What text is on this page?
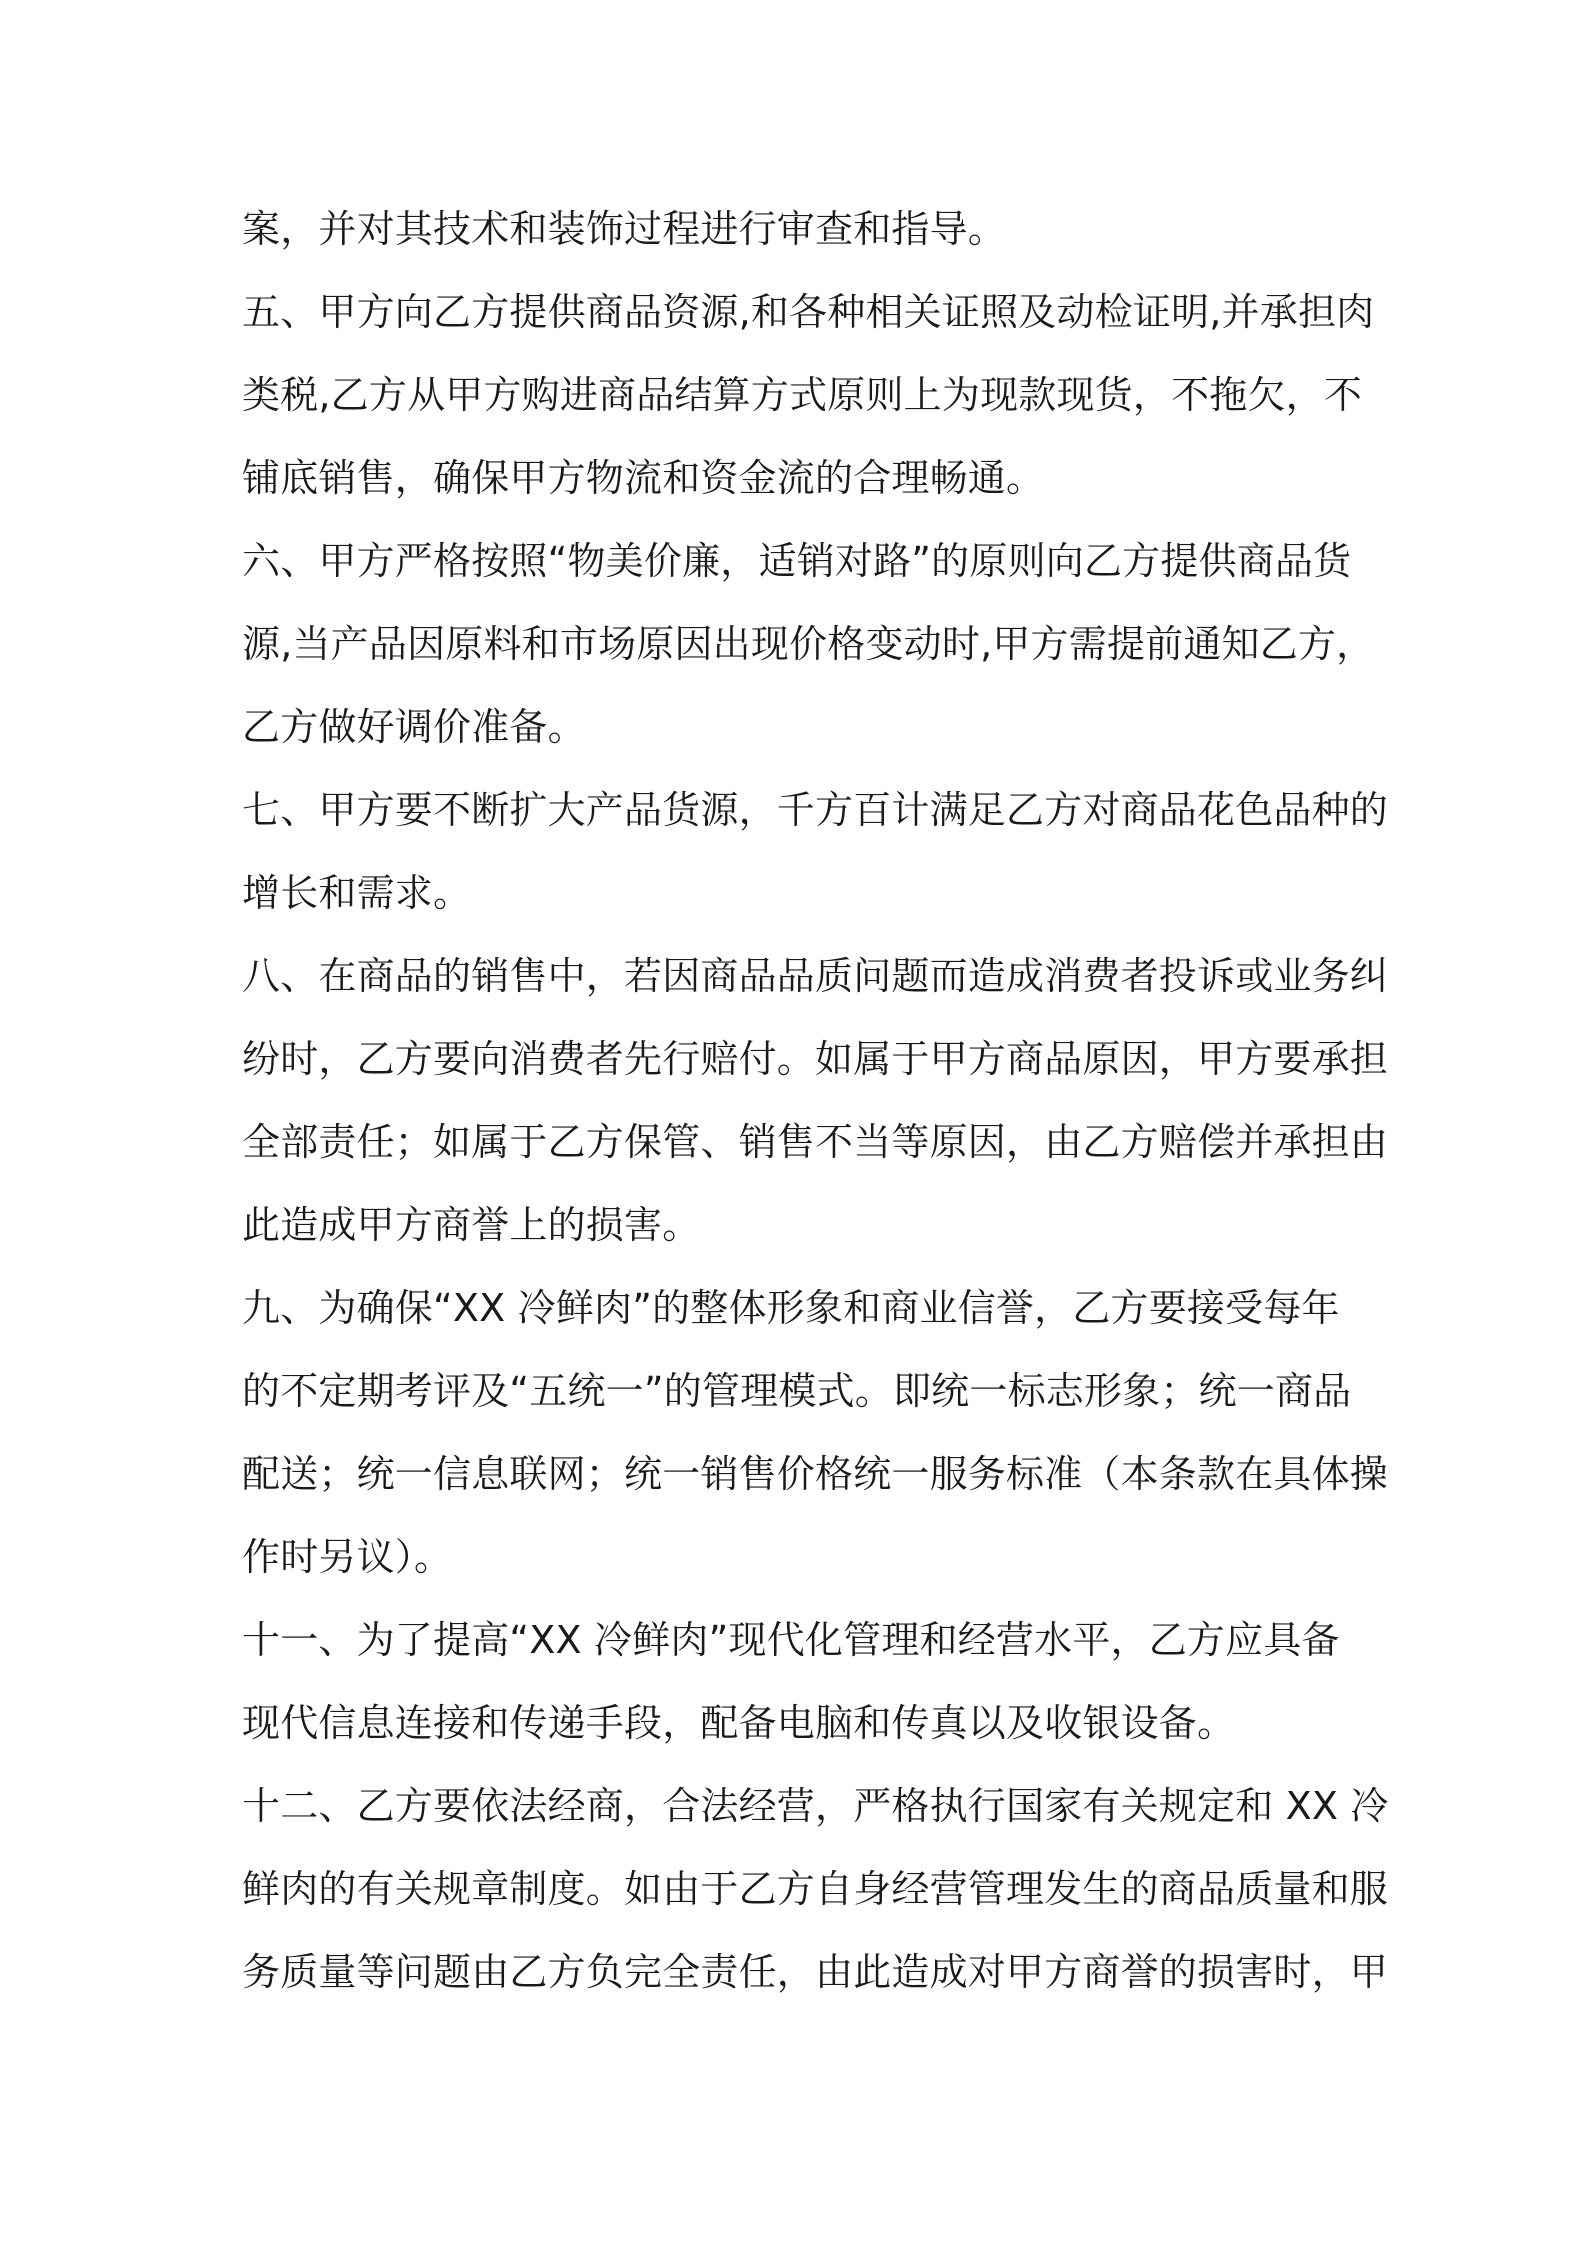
案，并对其技术和装饰过程进行审查和指导。
五、甲方向乙方提供商品资源,和各种相关证照及动检证明,并承担肉
类税,乙方从甲方购进商品结算方式原则上为现款现货，不拖欠，不
铺底销售，确保甲方物流和资金流的合理畅通。
六、甲方严格按照“物美价廉，适销对路”的原则向乙方提供商品货
源,当产品因原料和市场原因出现价格变动时,甲方需提前通知乙方，
乙方做好调价准备。
七、甲方要不断扩大产品货源，千方百计满足乙方对商品花色品种的
增长和需求。
八、在商品的销售中，若因商品品质问题而造成消费者投诉或业务纠
纷时，乙方要向消费者先行赔付。如属于甲方商品原因，甲方要承担
全部责任；如属于乙方保管、销售不当等原因，由乙方赔偿并承担由
此造成甲方商誉上的损害。
九、为确保“XX 冷鲜肉”的整体形象和商业信誉，乙方要接受每年
的不定期考评及“五统一”的管理模式。即统一标志形象；统一商品
配送；统一信息联网；统一销售价格统一服务标准（本条款在具体操
作时另议）。
十一、为了提高“XX 冷鲜肉”现代化管理和经营水平，乙方应具备
现代信息连接和传递手段，配备电脑和传真以及收银设备。
十二、乙方要依法经商，合法经营，严格执行国家有关规定和 XX 冷
鲜肉的有关规章制度。如由于乙方自身经营管理发生的商品质量和服
务质量等问题由乙方负完全责任，由此造成对甲方商誉的损害时，甲
